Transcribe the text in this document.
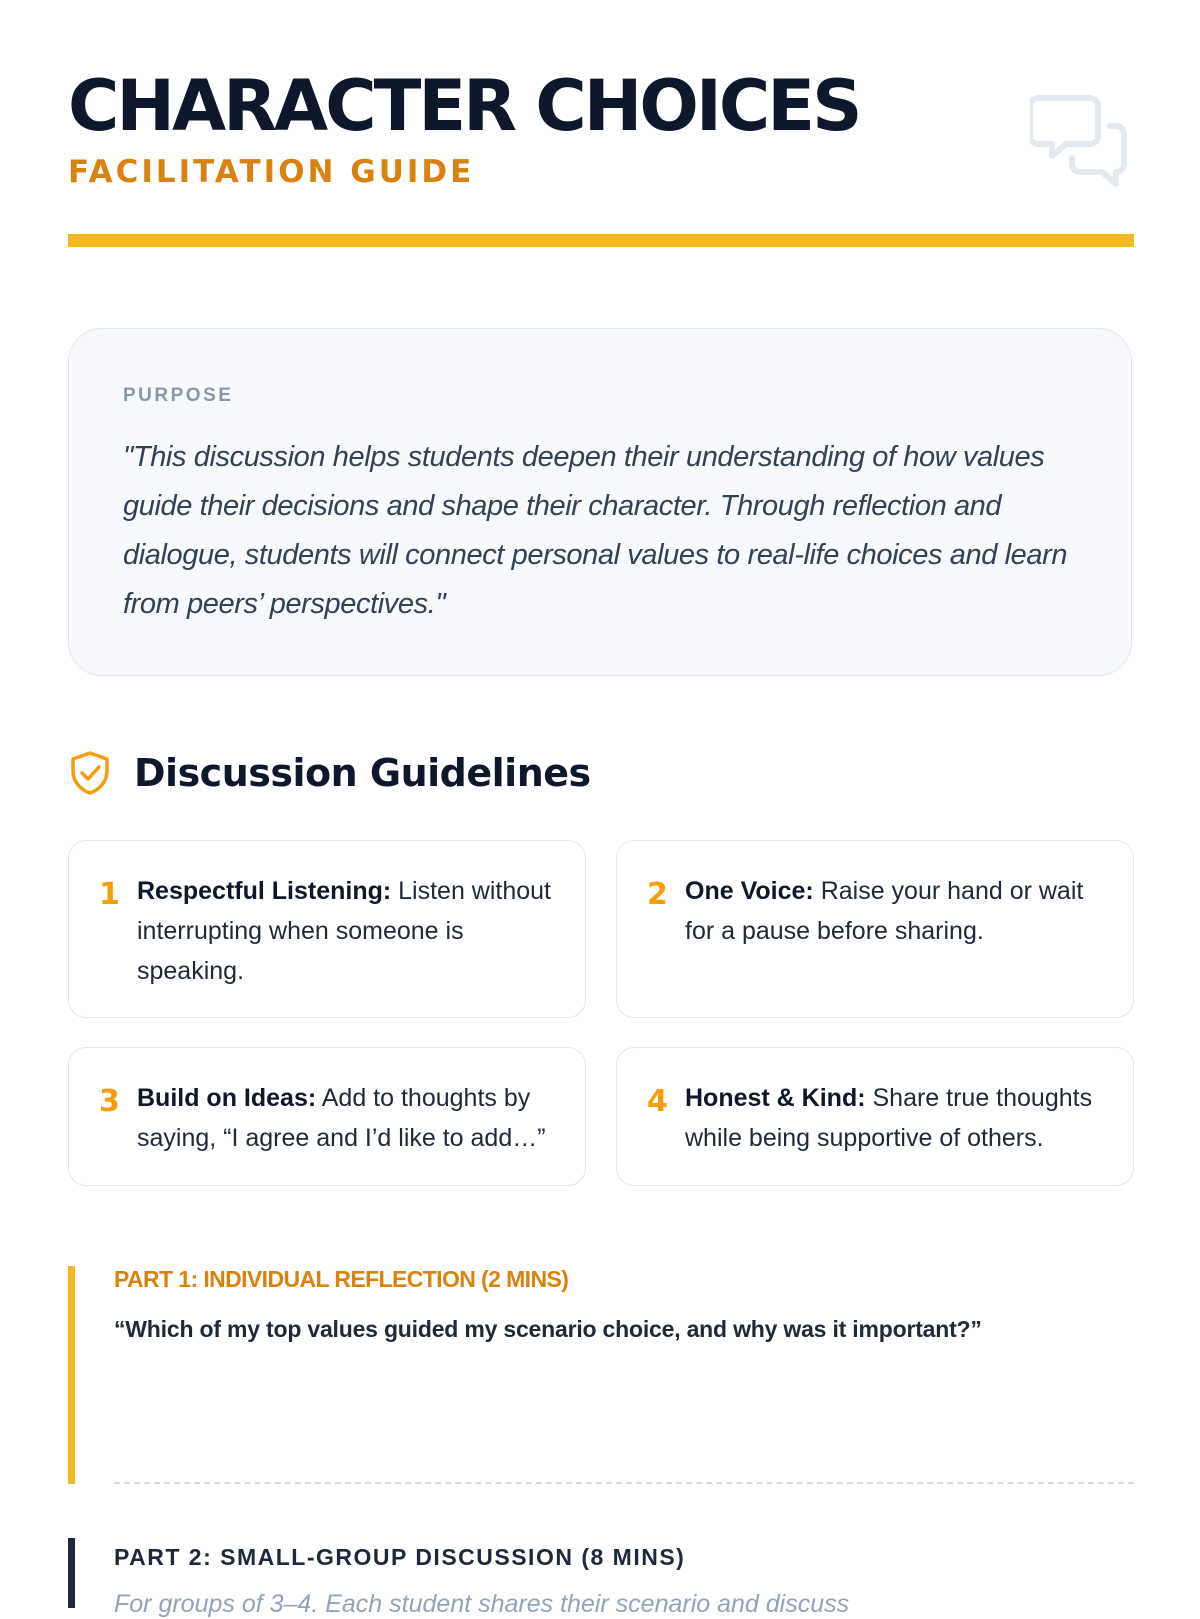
CHARACTER CHOICES
FACILITATION GUIDE
PURPOSE
"This discussion helps students deepen their understanding of how values guide their decisions and shape their character. Through reflection and dialogue, students will connect personal values to real-life choices and learn from peers’ perspectives."
Discussion Guidelines
1 Respectful Listening: Listen without interrupting when someone is speaking.
2 One Voice: Raise your hand or wait for a pause before sharing.
3 Build on Ideas: Add to thoughts by saying, “I agree and I’d like to add…”
4 Honest & Kind: Share true thoughts while being supportive of others.
PART 1: INDIVIDUAL REFLECTION (2 MINS)
“Which of my top values guided my scenario choice, and why was it important?”
PART 2: SMALL-GROUP DISCUSSION (8 MINS)
For groups of 3–4. Each student shares their scenario and discuss
